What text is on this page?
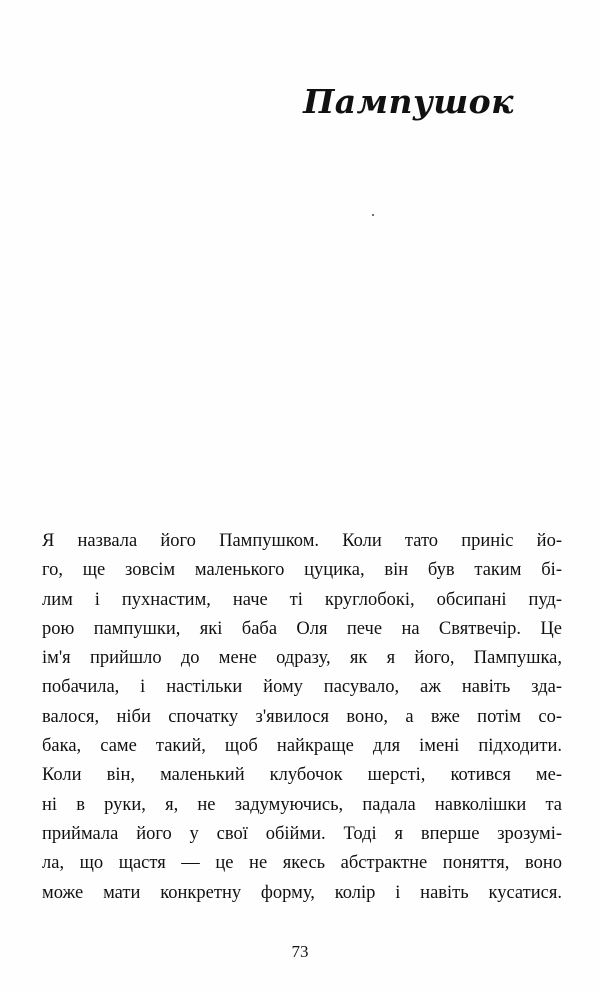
Пампушок
Я назвала його Пампушком. Коли тато приніс йо-
го, ще зовсім маленького цуцика, він був таким бі-
лим і пухнастим, наче ті круглобокі, обсипані пуд-
рою пампушки, які баба Оля пече на Святвечір. Це
ім'я прийшло до мене одразу, як я його, Пампушка,
побачила, і настільки йому пасувало, аж навіть зда-
валося, ніби спочатку з'явилося воно, а вже потім со-
бака, саме такий, щоб найкраще для імені підходити.
Коли він, маленький клубочок шерсті, котився ме-
ні в руки, я, не задумуючись, падала навколішки та
приймала його у свої обійми. Тоді я вперше зрозумі-
ла, що щастя — це не якесь абстрактне поняття, воно
може мати конкретну форму, колір і навіть кусатися.
73
